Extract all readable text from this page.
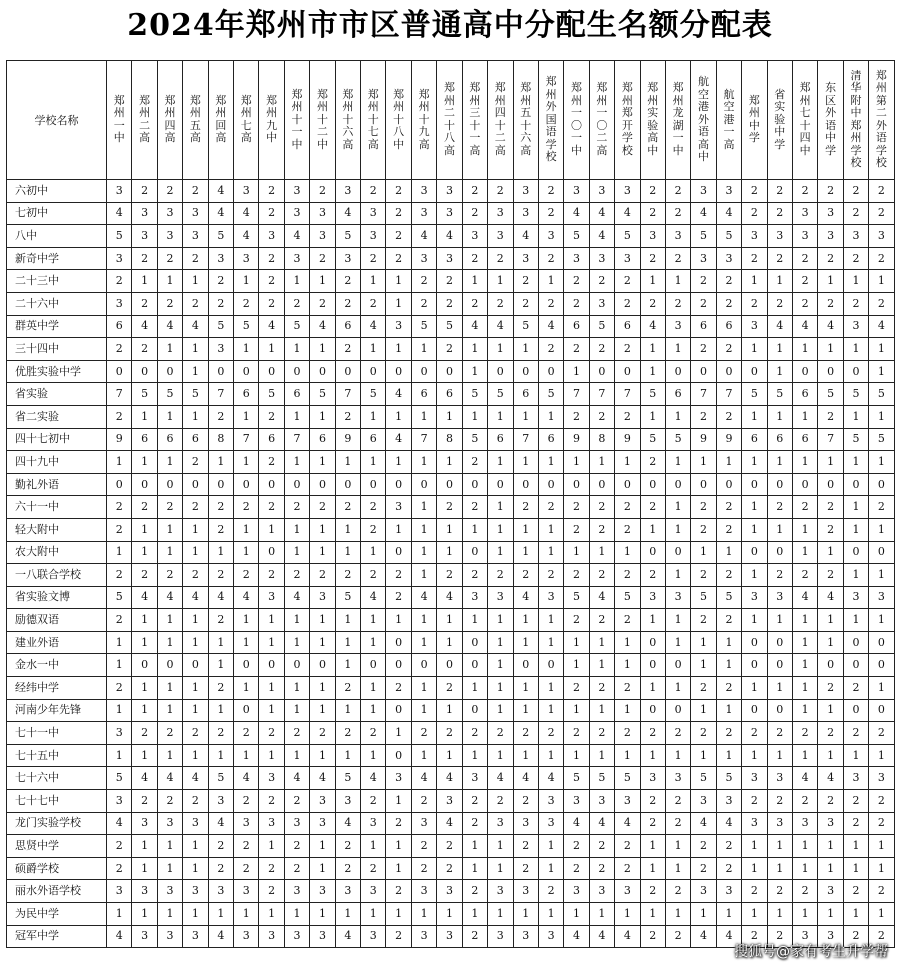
2024年郑州市市区普通高中分配生名额分配表
学校名称	郑州一中	郑州二高	郑州四高	郑州五高	郑州回高	郑州七高	郑州九中	郑州十一中	郑州十二中	郑州十六高	郑州十七高	郑州十八中	郑州十九高	郑州二十八高	郑州三十一高	郑州四十二高	郑州五十六高	郑州外国语学校	郑州一〇一中	郑州一〇二高	郑州郑开学校	郑州实验高中	郑州龙湖一中	航空港外语高中	航空港一高	郑州中学	省实验中学	郑州七十四中	东区外语中学	清华附中郑州学校	郑州第二外语学校
六初中	3	2	2	2	4	3	2	3	2	3	2	2	3	3	2	2	3	2	3	3	3	2	2	3	3	2	2	2	2	2	2
七初中	4	3	3	3	4	4	2	3	3	4	3	2	3	3	2	3	3	2	4	4	4	2	2	4	4	2	2	3	3	2	2
八中	5	3	3	3	5	4	3	4	3	5	3	2	4	4	3	3	4	3	5	4	5	3	3	5	5	3	3	3	3	3	3
新奇中学	3	2	2	2	3	3	2	3	2	3	2	2	3	3	2	2	3	2	3	3	3	2	2	3	3	2	2	2	2	2	2
二十三中	2	1	1	1	2	1	2	1	1	2	1	1	2	2	1	1	2	1	2	2	2	1	1	2	2	1	1	2	1	1	1
二十六中	3	2	2	2	2	2	2	2	2	2	2	1	2	2	2	2	2	2	2	3	2	2	2	2	2	2	2	2	2	2	2
群英中学	6	4	4	4	5	5	4	5	4	6	4	3	5	5	4	4	5	4	6	5	6	4	3	6	6	3	4	4	4	3	4
三十四中	2	2	1	1	3	1	1	1	1	2	1	1	1	2	1	1	1	2	2	2	2	1	1	2	2	1	1	1	1	1	1
优胜实验中学	0	0	0	1	0	0	0	0	0	0	0	0	0	0	1	0	0	0	1	0	0	1	0	0	0	0	1	0	0	0	1
省实验	7	5	5	5	7	6	5	6	5	7	5	4	6	6	5	5	6	5	7	7	7	5	6	7	7	5	5	6	5	5	5
省二实验	2	1	1	1	2	1	2	1	1	2	1	1	1	1	1	1	1	1	2	2	2	1	1	2	2	1	1	1	2	1	1
四十七初中	9	6	6	6	8	7	6	7	6	9	6	4	7	8	5	6	7	6	9	8	9	5	5	9	9	6	6	6	7	5	5
四十九中	1	1	1	2	1	1	2	1	1	1	1	1	1	1	2	1	1	1	1	1	1	2	1	1	1	1	1	1	1	1	1
勤礼外语	0	0	0	0	0	0	0	0	0	0	0	0	0	0	0	0	0	0	0	0	0	0	0	0	0	0	0	0	0	0	0
六十一中	2	2	2	2	2	2	2	2	2	2	2	3	1	2	2	1	2	2	2	2	2	2	1	2	2	1	2	2	2	1	2
轻大附中	2	1	1	1	2	1	1	1	1	1	2	1	1	1	1	1	1	1	2	2	2	1	1	2	2	1	1	1	2	1	1
农大附中	1	1	1	1	1	1	0	1	1	1	1	0	1	1	0	1	1	1	1	1	1	0	0	1	1	0	0	1	1	0	0
一八联合学校	2	2	2	2	2	2	2	2	2	2	2	2	1	2	2	2	2	2	2	2	2	2	1	2	2	1	2	2	2	1	1
省实验文博	5	4	4	4	4	4	3	4	3	5	4	2	4	4	3	3	4	3	5	4	5	3	3	5	5	3	3	4	4	3	3
励德双语	2	1	1	1	2	1	1	1	1	1	1	1	1	1	1	1	1	1	2	2	2	1	1	2	2	1	1	1	1	1	1
建业外语	1	1	1	1	1	1	1	1	1	1	1	0	1	1	0	1	1	1	1	1	1	0	1	1	1	0	0	1	1	0	0
金水一中	1	0	0	0	1	0	0	0	0	1	0	0	0	0	0	1	0	0	1	1	1	0	0	1	1	0	0	1	0	0	0
经纬中学	2	1	1	1	2	1	1	1	1	2	1	2	1	2	1	1	1	1	2	2	2	1	1	2	2	1	1	1	2	2	1
河南少年先锋	1	1	1	1	1	0	1	1	1	1	1	0	1	1	0	1	1	1	1	1	1	0	0	1	1	0	0	1	1	0	0
七十一中	3	2	2	2	2	2	2	2	2	2	2	1	2	2	2	2	2	2	2	2	2	2	2	2	2	2	2	2	2	2	2
七十五中	1	1	1	1	1	1	1	1	1	1	1	0	1	1	1	1	1	1	1	1	1	1	1	1	1	1	1	1	1	1	1
七十六中	5	4	4	4	5	4	3	4	4	5	4	3	4	4	3	4	4	4	5	5	5	3	3	5	5	3	3	4	4	3	3
七十七中	3	2	2	2	3	2	2	2	3	3	2	1	2	3	2	2	2	3	3	3	3	2	2	3	3	2	2	2	2	2	2
龙门实验学校	4	3	3	3	4	3	3	3	3	4	3	2	3	4	2	3	3	3	4	4	4	2	2	4	4	3	3	3	3	2	2
思贤中学	2	1	1	1	2	2	1	2	1	2	1	1	2	2	1	1	2	1	2	2	2	1	1	2	2	1	1	1	1	1	1
硕爵学校	2	1	1	1	2	2	2	2	1	2	2	1	2	2	1	1	2	1	2	2	2	1	1	2	2	1	1	1	1	1	1
丽水外语学校	3	3	3	3	3	3	2	3	3	3	3	2	3	3	2	3	3	2	3	3	3	2	2	3	3	2	2	2	3	2	2
为民中学	1	1	1	1	1	1	1	1	1	1	1	1	1	1	1	1	1	1	1	1	1	1	1	1	1	1	1	1	1	1	1
冠军中学	4	3	3	3	4	3	3	3	3	4	3	2	3	3	2	3	3	3	4	4	4	2	2	4	4	2	2	3	3	2	2
搜狐号@家有考生升学帮
